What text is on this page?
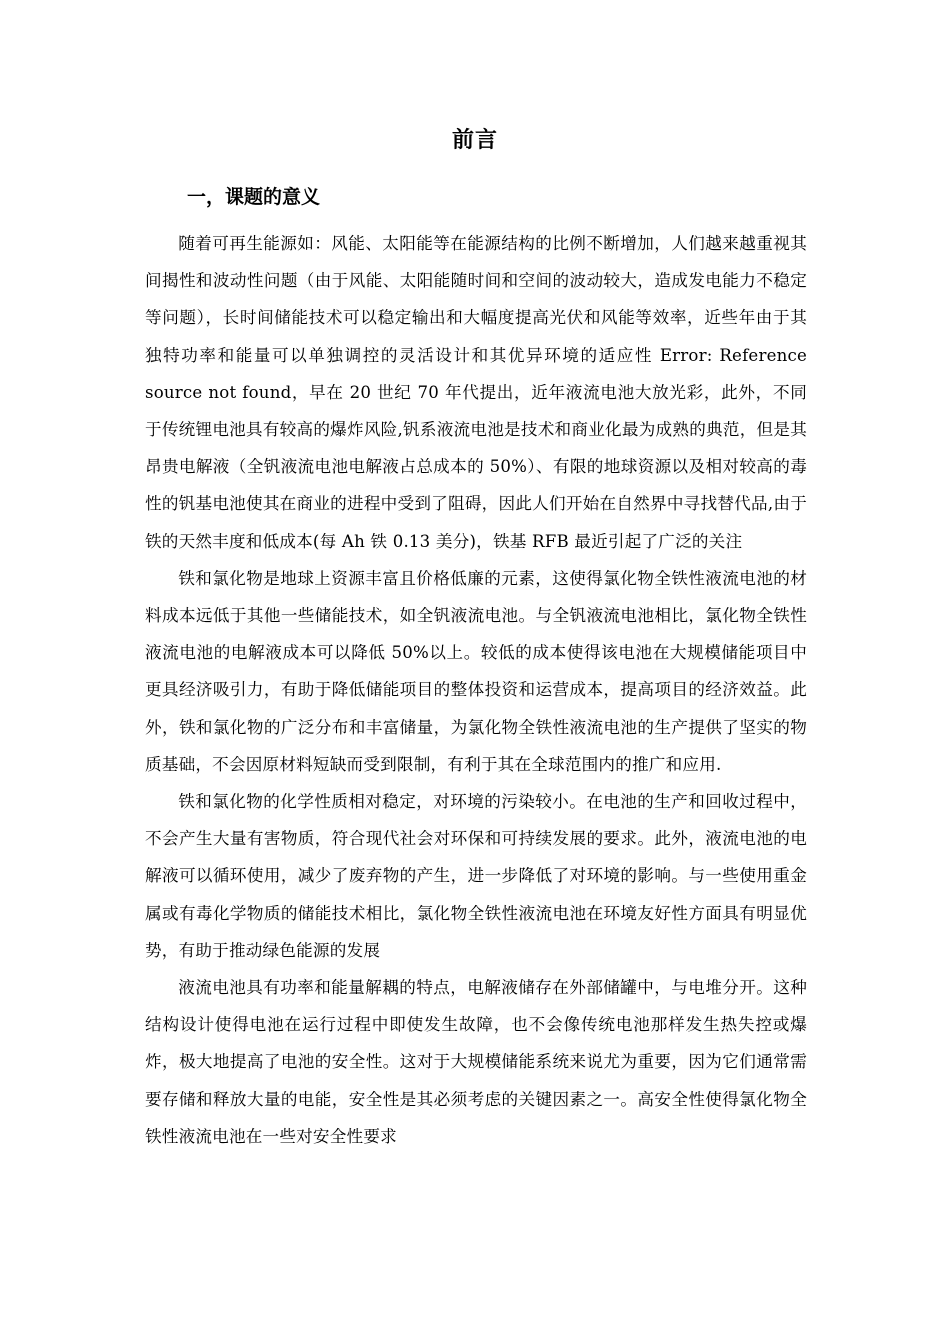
前言
一，课题的意义

随着可再生能源如：风能、太阳能等在能源结构的比例不断增加，人们越来越重视其间揭性和波动性问题（由于风能、太阳能随时间和空间的波动较大，造成发电能力不稳定等问题），长时间储能技术可以稳定输出和大幅度提高光伏和风能等效率，近些年由于其独特功率和能量可以单独调控的灵活设计和其优异环境的适应性 Error: Reference source not found，早在 20 世纪 70 年代提出，近年液流电池大放光彩，此外，不同于传统锂电池具有较高的爆炸风险,钒系液流电池是技术和商业化最为成熟的典范，但是其昂贵电解液（全钒液流电池电解液占总成本的 50%）、有限的地球资源以及相对较高的毒性的钒基电池使其在商业的进程中受到了阻碍，因此人们开始在自然界中寻找替代品,由于铁的天然丰度和低成本(每 Ah 铁 0.13 美分)，铁基 RFB 最近引起了广泛的关注

铁和氯化物是地球上资源丰富且价格低廉的元素，这使得氯化物全铁性液流电池的材料成本远低于其他一些储能技术，如全钒液流电池。与全钒液流电池相比，氯化物全铁性液流电池的电解液成本可以降低 50%以上。较低的成本使得该电池在大规模储能项目中更具经济吸引力，有助于降低储能项目的整体投资和运营成本，提高项目的经济效益。此外，铁和氯化物的广泛分布和丰富储量，为氯化物全铁性液流电池的生产提供了坚实的物质基础，不会因原材料短缺而受到限制，有利于其在全球范围内的推广和应用.

铁和氯化物的化学性质相对稳定，对环境的污染较小。在电池的生产和回收过程中，不会产生大量有害物质，符合现代社会对环保和可持续发展的要求。此外，液流电池的电解液可以循环使用，减少了废弃物的产生，进一步降低了对环境的影响。与一些使用重金属或有毒化学物质的储能技术相比，氯化物全铁性液流电池在环境友好性方面具有明显优势，有助于推动绿色能源的发展

液流电池具有功率和能量解耦的特点，电解液储存在外部储罐中，与电堆分开。这种结构设计使得电池在运行过程中即使发生故障，也不会像传统电池那样发生热失控或爆炸，极大地提高了电池的安全性。这对于大规模储能系统来说尤为重要，因为它们通常需要存储和释放大量的电能，安全性是其必须考虑的关键因素之一。高安全性使得氯化物全铁性液流电池在一些对安全性要求
